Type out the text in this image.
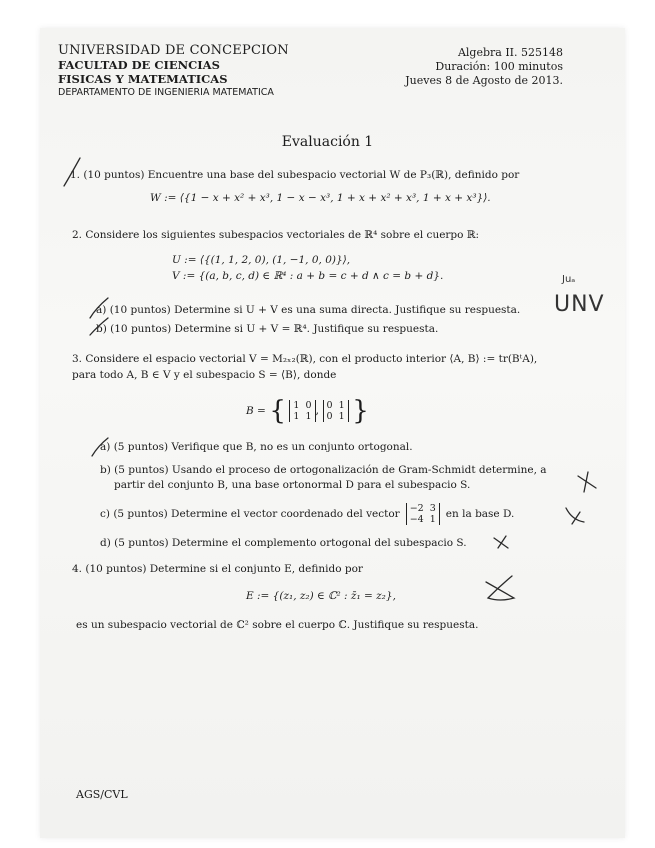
UNIVERSIDAD DE CONCEPCION
FACULTAD DE CIENCIAS
FISICAS Y MATEMATICAS
DEPARTAMENTO DE INGENIERIA MATEMATICA
Algebra II. 525148
Duración: 100 minutos
Jueves 8 de Agosto de 2013.
Evaluación 1
1. (10 puntos) Encuentre una base del subespacio vectorial W de P₃(ℝ), definido por
W := ⟨{1 − x + x² + x³, 1 − x − x³, 1 + x + x² + x³, 1 + x + x³}⟩.
2. Considere los siguientes subespacios vectoriales de ℝ⁴ sobre el cuerpo ℝ:
U := ⟨{(1, 1, 2, 0), (1, −1, 0, 0)}⟩,
V := {(a, b, c, d) ∈ ℝ⁴ : a + b = c + d ∧ c = b + d}.
a) (10 puntos) Determine si U + V es una suma directa. Justifique su respuesta.
b) (10 puntos) Determine si U + V = ℝ⁴. Justifique su respuesta.
Juₐ
UNV
3. Considere el espacio vectorial V = M₂ₓ₂(ℝ), con el producto interior ⟨A, B⟩ := tr(BᵗA),
para todo A, B ∈ V y el subespacio S = ⟨B⟩, donde
B = { 1 0
1 1 , 0 1
0 1 }
a) (5 puntos) Verifique que B, no es un conjunto ortogonal.
b) (5 puntos) Usando el proceso de ortogonalización de Gram-Schmidt determine, a
partir del conjunto B, una base ortonormal D para el subespacio S.
c) (5 puntos) Determine el vector coordenado del vector	−2 3
−4 1 en la base D.
d) (5 puntos) Determine el complemento ortogonal del subespacio S.
4. (10 puntos) Determine si el conjunto E, definido por
E := {(z₁, z₂) ∈ ℂ² : z̄₁ = z₂},
es un subespacio vectorial de ℂ² sobre el cuerpo ℂ. Justifique su respuesta.
AGS/CVL
